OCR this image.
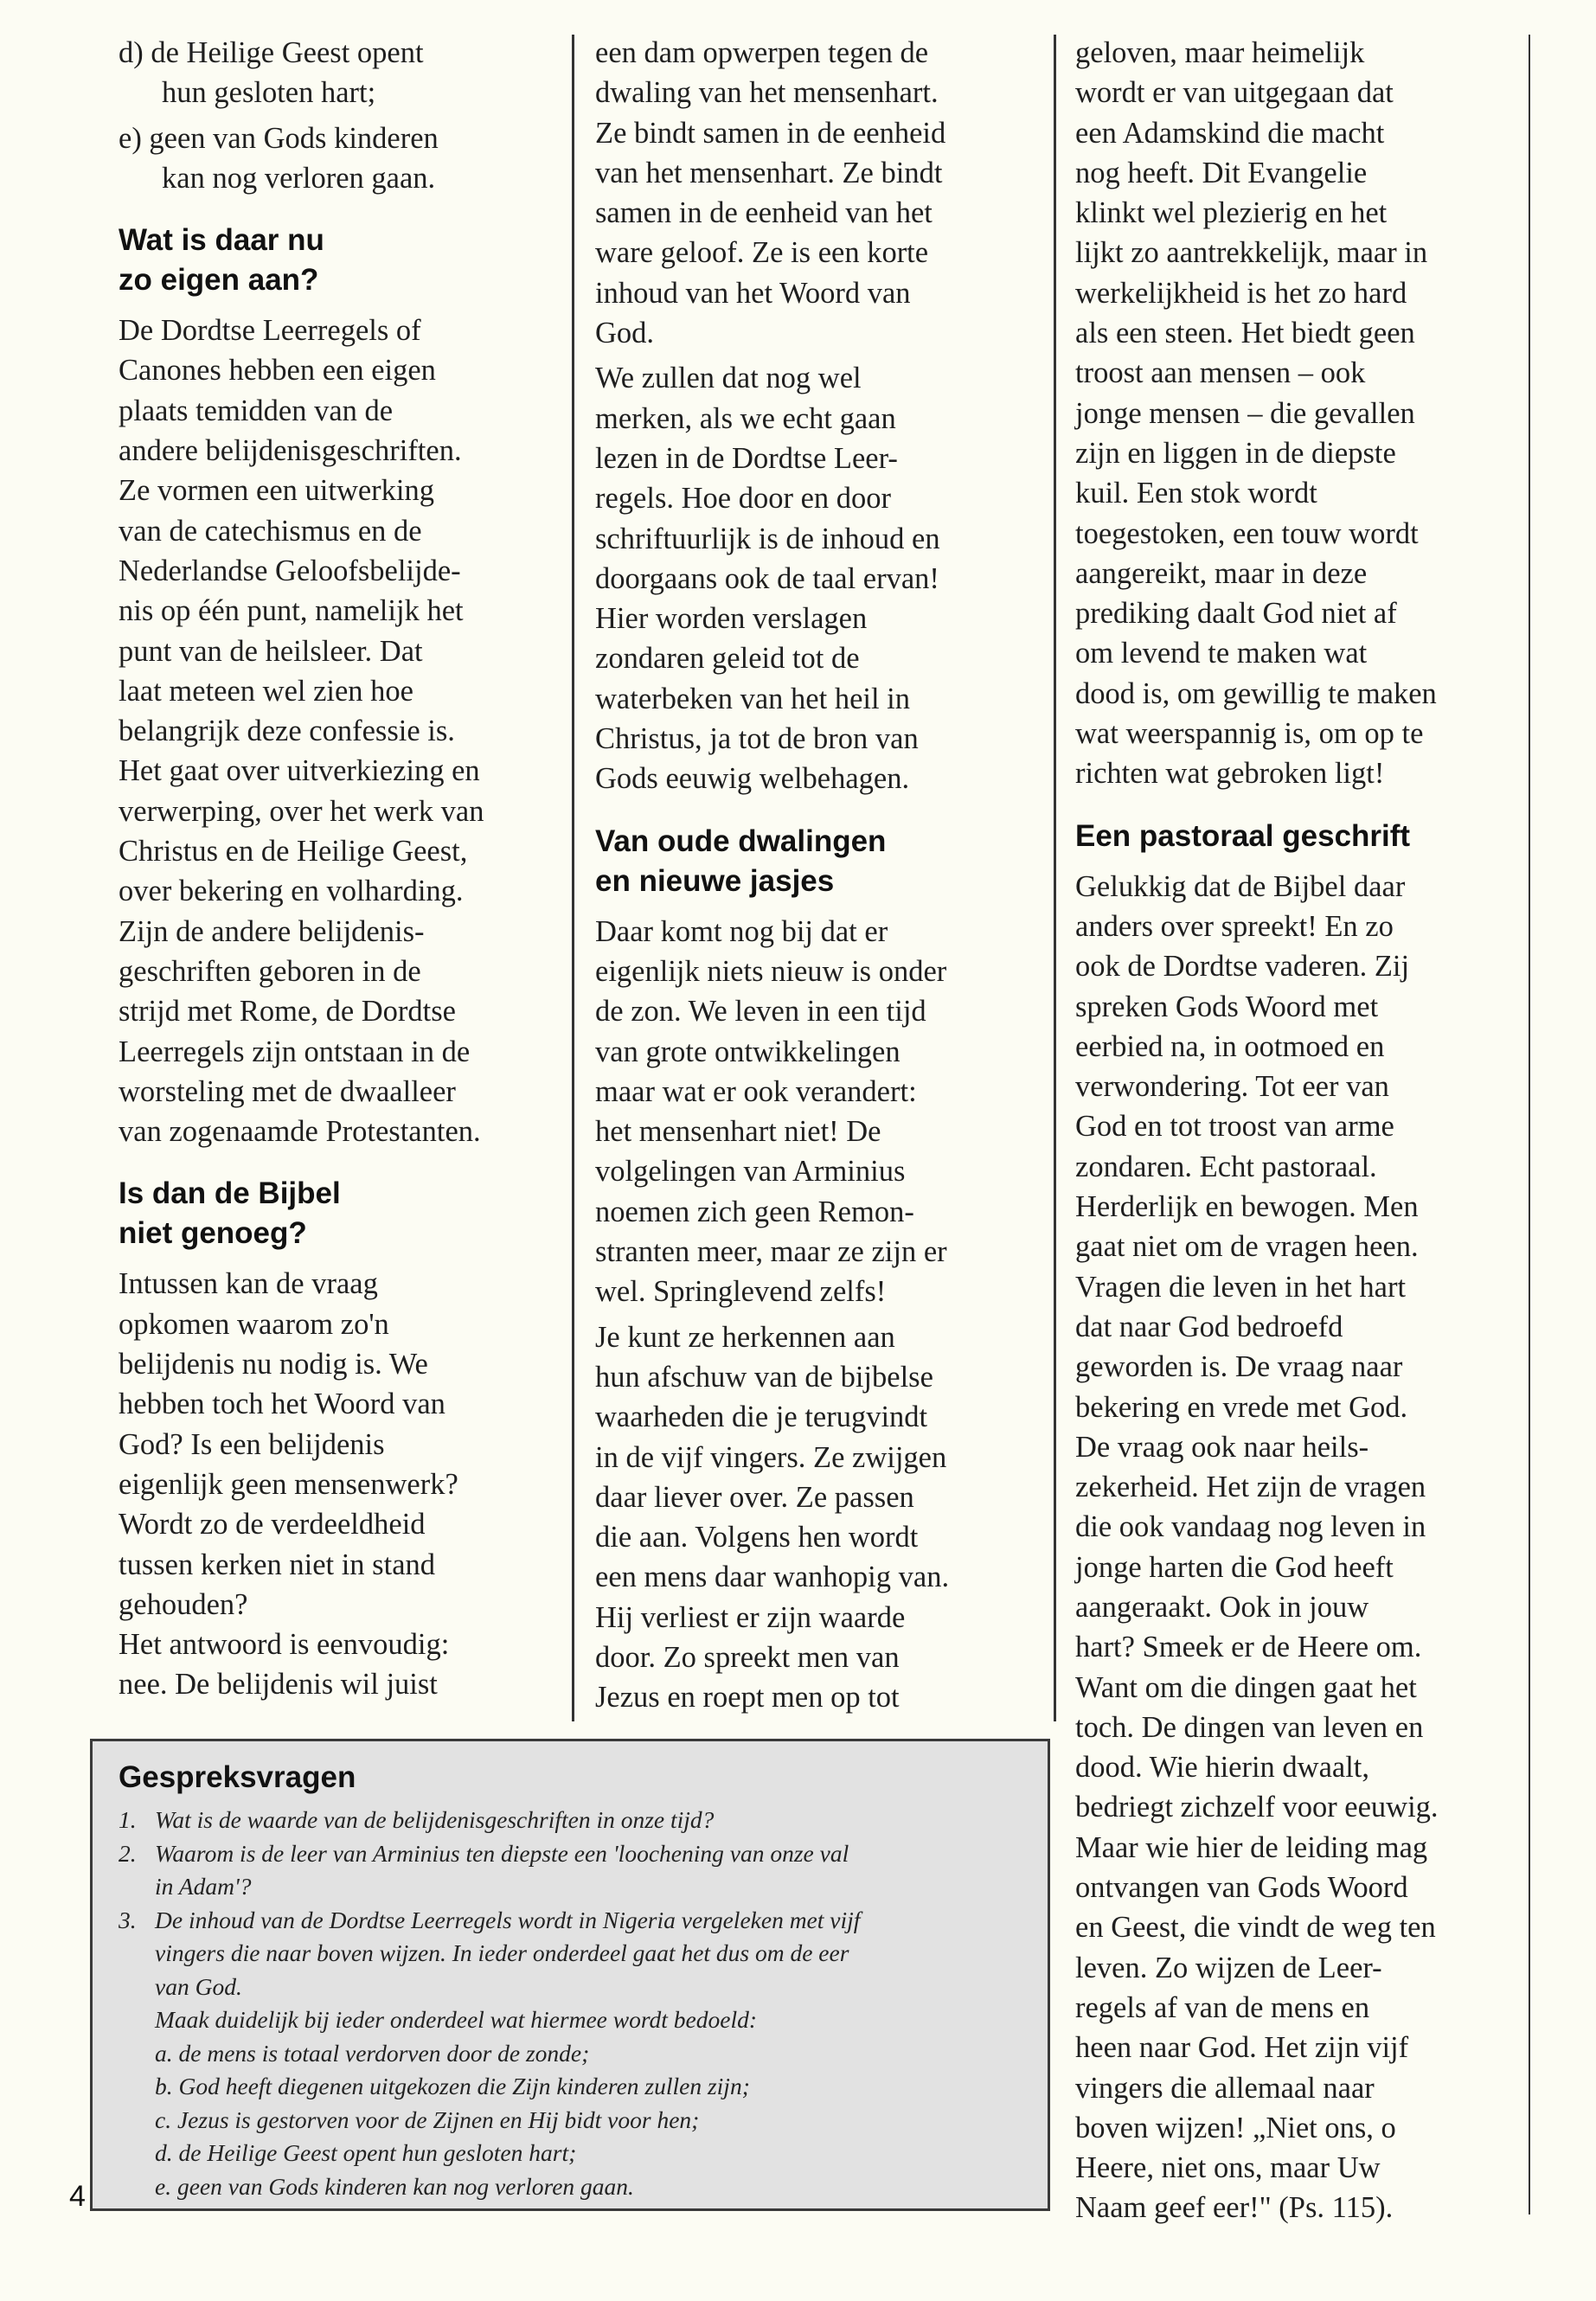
d) de Heilige Geest opent
hun gesloten hart;
e) geen van Gods kinderen
kan nog verloren gaan.
Wat is daar nu
zo eigen aan?
De Dordtse Leerregels of
Canones hebben een eigen
plaats temidden van de
andere belijdenisgeschriften.
Ze vormen een uitwerking
van de catechismus en de
Nederlandse Geloofsbelijde-
nis op één punt, namelijk het
punt van de heilsleer. Dat
laat meteen wel zien hoe
belangrijk deze confessie is.
Het gaat over uitverkiezing en
verwerping, over het werk van
Christus en de Heilige Geest,
over bekering en volharding.
Zijn de andere belijdenis-
geschriften geboren in de
strijd met Rome, de Dordtse
Leerregels zijn ontstaan in de
worsteling met de dwaalleer
van zogenaamde Protestanten.
Is dan de Bijbel
niet genoeg?
Intussen kan de vraag
opkomen waarom zo'n
belijdenis nu nodig is. We
hebben toch het Woord van
God? Is een belijdenis
eigenlijk geen mensenwerk?
Wordt zo de verdeeldheid
tussen kerken niet in stand
gehouden?
Het antwoord is eenvoudig:
nee. De belijdenis wil juist
een dam opwerpen tegen de
dwaling van het mensenhart.
Ze bindt samen in de eenheid
van het mensenhart. Ze bindt
samen in de eenheid van het
ware geloof. Ze is een korte
inhoud van het Woord van
God.
We zullen dat nog wel
merken, als we echt gaan
lezen in de Dordtse Leer-
regels. Hoe door en door
schriftuurlijk is de inhoud en
doorgaans ook de taal ervan!
Hier worden verslagen
zondaren geleid tot de
waterbeken van het heil in
Christus, ja tot de bron van
Gods eeuwig welbehagen.
Van oude dwalingen
en nieuwe jasjes
Daar komt nog bij dat er
eigenlijk niets nieuw is onder
de zon. We leven in een tijd
van grote ontwikkelingen
maar wat er ook verandert:
het mensenhart niet! De
volgelingen van Arminius
noemen zich geen Remon-
stranten meer, maar ze zijn er
wel. Springlevend zelfs!
Je kunt ze herkennen aan
hun afschuw van de bijbelse
waarheden die je terugvindt
in de vijf vingers. Ze zwijgen
daar liever over. Ze passen
die aan. Volgens hen wordt
een mens daar wanhopig van.
Hij verliest er zijn waarde
door. Zo spreekt men van
Jezus en roept men op tot
geloven, maar heimelijk
wordt er van uitgegaan dat
een Adamskind die macht
nog heeft. Dit Evangelie
klinkt wel plezierig en het
lijkt zo aantrekkelijk, maar in
werkelijkheid is het zo hard
als een steen. Het biedt geen
troost aan mensen – ook
jonge mensen – die gevallen
zijn en liggen in de diepste
kuil. Een stok wordt
toegestoken, een touw wordt
aangereikt, maar in deze
prediking daalt God niet af
om levend te maken wat
dood is, om gewillig te maken
wat weerspannig is, om op te
richten wat gebroken ligt!
Een pastoraal geschrift
Gelukkig dat de Bijbel daar
anders over spreekt! En zo
ook de Dordtse vaderen. Zij
spreken Gods Woord met
eerbied na, in ootmoed en
verwondering. Tot eer van
God en tot troost van arme
zondaren. Echt pastoraal.
Herderlijk en bewogen. Men
gaat niet om de vragen heen.
Vragen die leven in het hart
dat naar God bedroefd
geworden is. De vraag naar
bekering en vrede met God.
De vraag ook naar heils-
zekerheid. Het zijn de vragen
die ook vandaag nog leven in
jonge harten die God heeft
aangeraakt. Ook in jouw
hart? Smeek er de Heere om.
Want om die dingen gaat het
toch. De dingen van leven en
dood. Wie hierin dwaalt,
bedriegt zichzelf voor eeuwig.
Maar wie hier de leiding mag
ontvangen van Gods Woord
en Geest, die vindt de weg ten
leven. Zo wijzen de Leer-
regels af van de mens en
heen naar God. Het zijn vijf
vingers die allemaal naar
boven wijzen! „Niet ons, o
Heere, niet ons, maar Uw
Naam geef eer!" (Ps. 115).
Gespreksvragen
1. Wat is de waarde van de belijdenisgeschriften in onze tijd?
2. Waarom is de leer van Arminius ten diepste een 'loochening van onze val
in Adam'?
3. De inhoud van de Dordtse Leerregels wordt in Nigeria vergeleken met vijf
vingers die naar boven wijzen. In ieder onderdeel gaat het dus om de eer
van God.
Maak duidelijk bij ieder onderdeel wat hiermee wordt bedoeld:
a. de mens is totaal verdorven door de zonde;
b. God heeft diegenen uitgekozen die Zijn kinderen zullen zijn;
c. Jezus is gestorven voor de Zijnen en Hij bidt voor hen;
d. de Heilige Geest opent hun gesloten hart;
e. geen van Gods kinderen kan nog verloren gaan.
4
